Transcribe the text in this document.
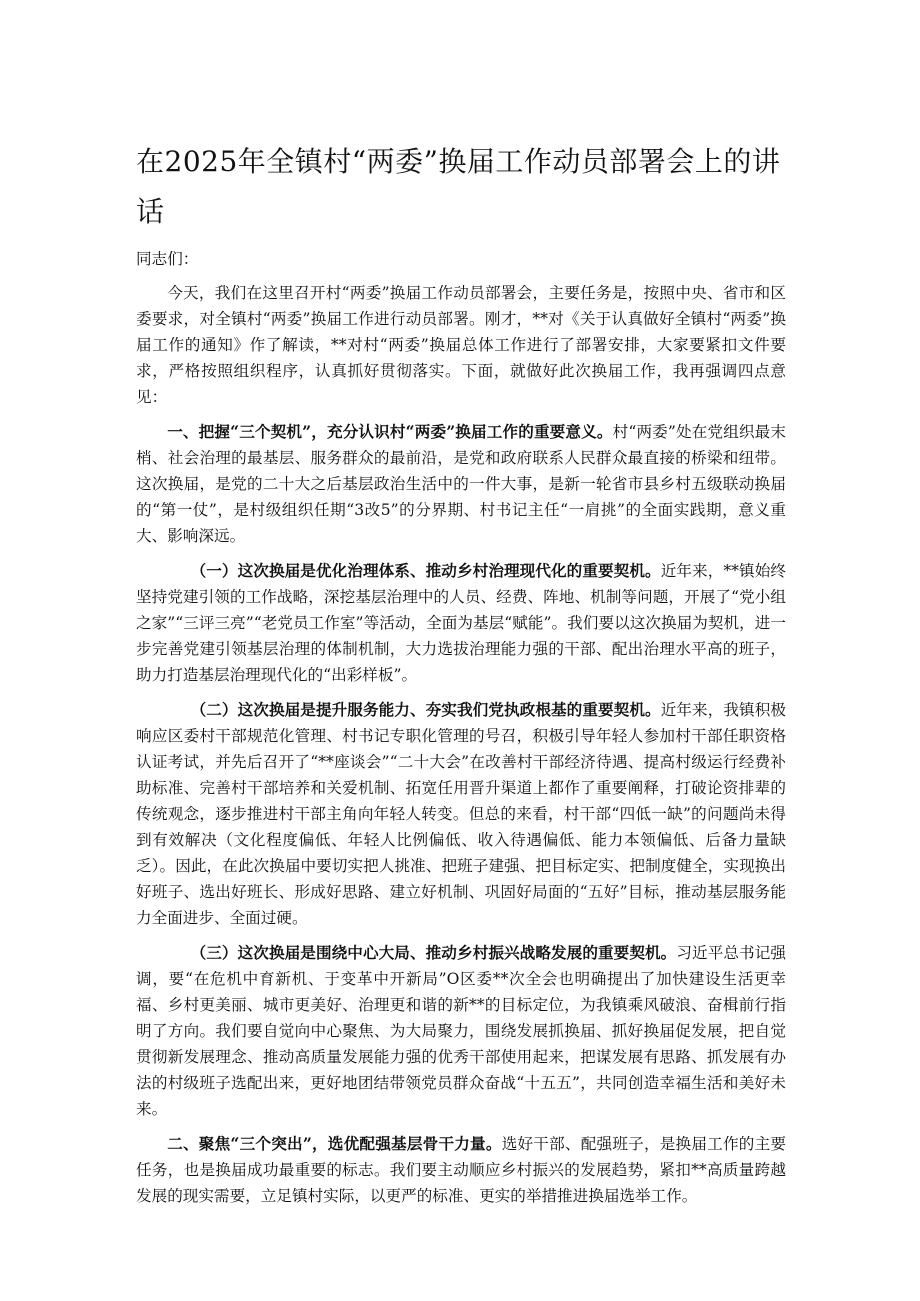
在2025年全镇村“两委”换届工作动员部署会上的讲话

同志们：

今天，我们在这里召开村“两委”换届工作动员部署会，主要任务是，按照中央、省市和区委要求，对全镇村“两委”换届工作进行动员部署。刚才，**对《关于认真做好全镇村“两委”换届工作的通知》作了解读，**对村“两委”换届总体工作进行了部署安排，大家要紧扣文件要求，严格按照组织程序，认真抓好贯彻落实。下面，就做好此次换届工作，我再强调四点意见：

一、把握“三个契机”，充分认识村“两委”换届工作的重要意义。村“两委”处在党组织最末梢、社会治理的最基层、服务群众的最前沿，是党和政府联系人民群众最直接的桥梁和纽带。这次换届，是党的二十大之后基层政治生活中的一件大事，是新一轮省市县乡村五级联动换届的“第一仗”，是村级组织任期“3改5”的分界期、村书记主任“一肩挑”的全面实践期，意义重大、影响深远。

（一）这次换届是优化治理体系、推动乡村治理现代化的重要契机。近年来，**镇始终坚持党建引领的工作战略，深挖基层治理中的人员、经费、阵地、机制等问题，开展了“党小组之家”“三评三亮”“老党员工作室”等活动，全面为基层“赋能”。我们要以这次换届为契机，进一步完善党建引领基层治理的体制机制，大力选拔治理能力强的干部、配出治理水平高的班子，助力打造基层治理现代化的“出彩样板”。

（二）这次换届是提升服务能力、夯实我们党执政根基的重要契机。近年来，我镇积极响应区委村干部规范化管理、村书记专职化管理的号召，积极引导年轻人参加村干部任职资格认证考试，并先后召开了“**座谈会”“二十大会”在改善村干部经济待遇、提高村级运行经费补助标准、完善村干部培养和关爱机制、拓宽任用晋升渠道上都作了重要阐释，打破论资排辈的传统观念，逐步推进村干部主角向年轻人转变。但总的来看，村干部“四低一缺”的问题尚未得到有效解决（文化程度偏低、年轻人比例偏低、收入待遇偏低、能力本领偏低、后备力量缺乏）。因此，在此次换届中要切实把人挑准、把班子建强、把目标定实、把制度健全，实现换出好班子、选出好班长、形成好思路、建立好机制、巩固好局面的“五好”目标，推动基层服务能力全面进步、全面过硬。

（三）这次换届是围绕中心大局、推动乡村振兴战略发展的重要契机。习近平总书记强调，要“在危机中育新机、于变革中开新局”O区委**次全会也明确提出了加快建设生活更幸福、乡村更美丽、城市更美好、治理更和谐的新**的目标定位，为我镇乘风破浪、奋楫前行指明了方向。我们要自觉向中心聚焦、为大局聚力，围绕发展抓换届、抓好换届促发展，把自觉贯彻新发展理念、推动高质量发展能力强的优秀干部使用起来，把谋发展有思路、抓发展有办法的村级班子选配出来，更好地团结带领党员群众奋战“十五五”，共同创造幸福生活和美好未来。

二、聚焦“三个突出”，选优配强基层骨干力量。选好干部、配强班子，是换届工作的主要任务，也是换届成功最重要的标志。我们要主动顺应乡村振兴的发展趋势，紧扣**高质量跨越发展的现实需要，立足镇村实际，以更严的标准、更实的举措推进换届选举工作。
